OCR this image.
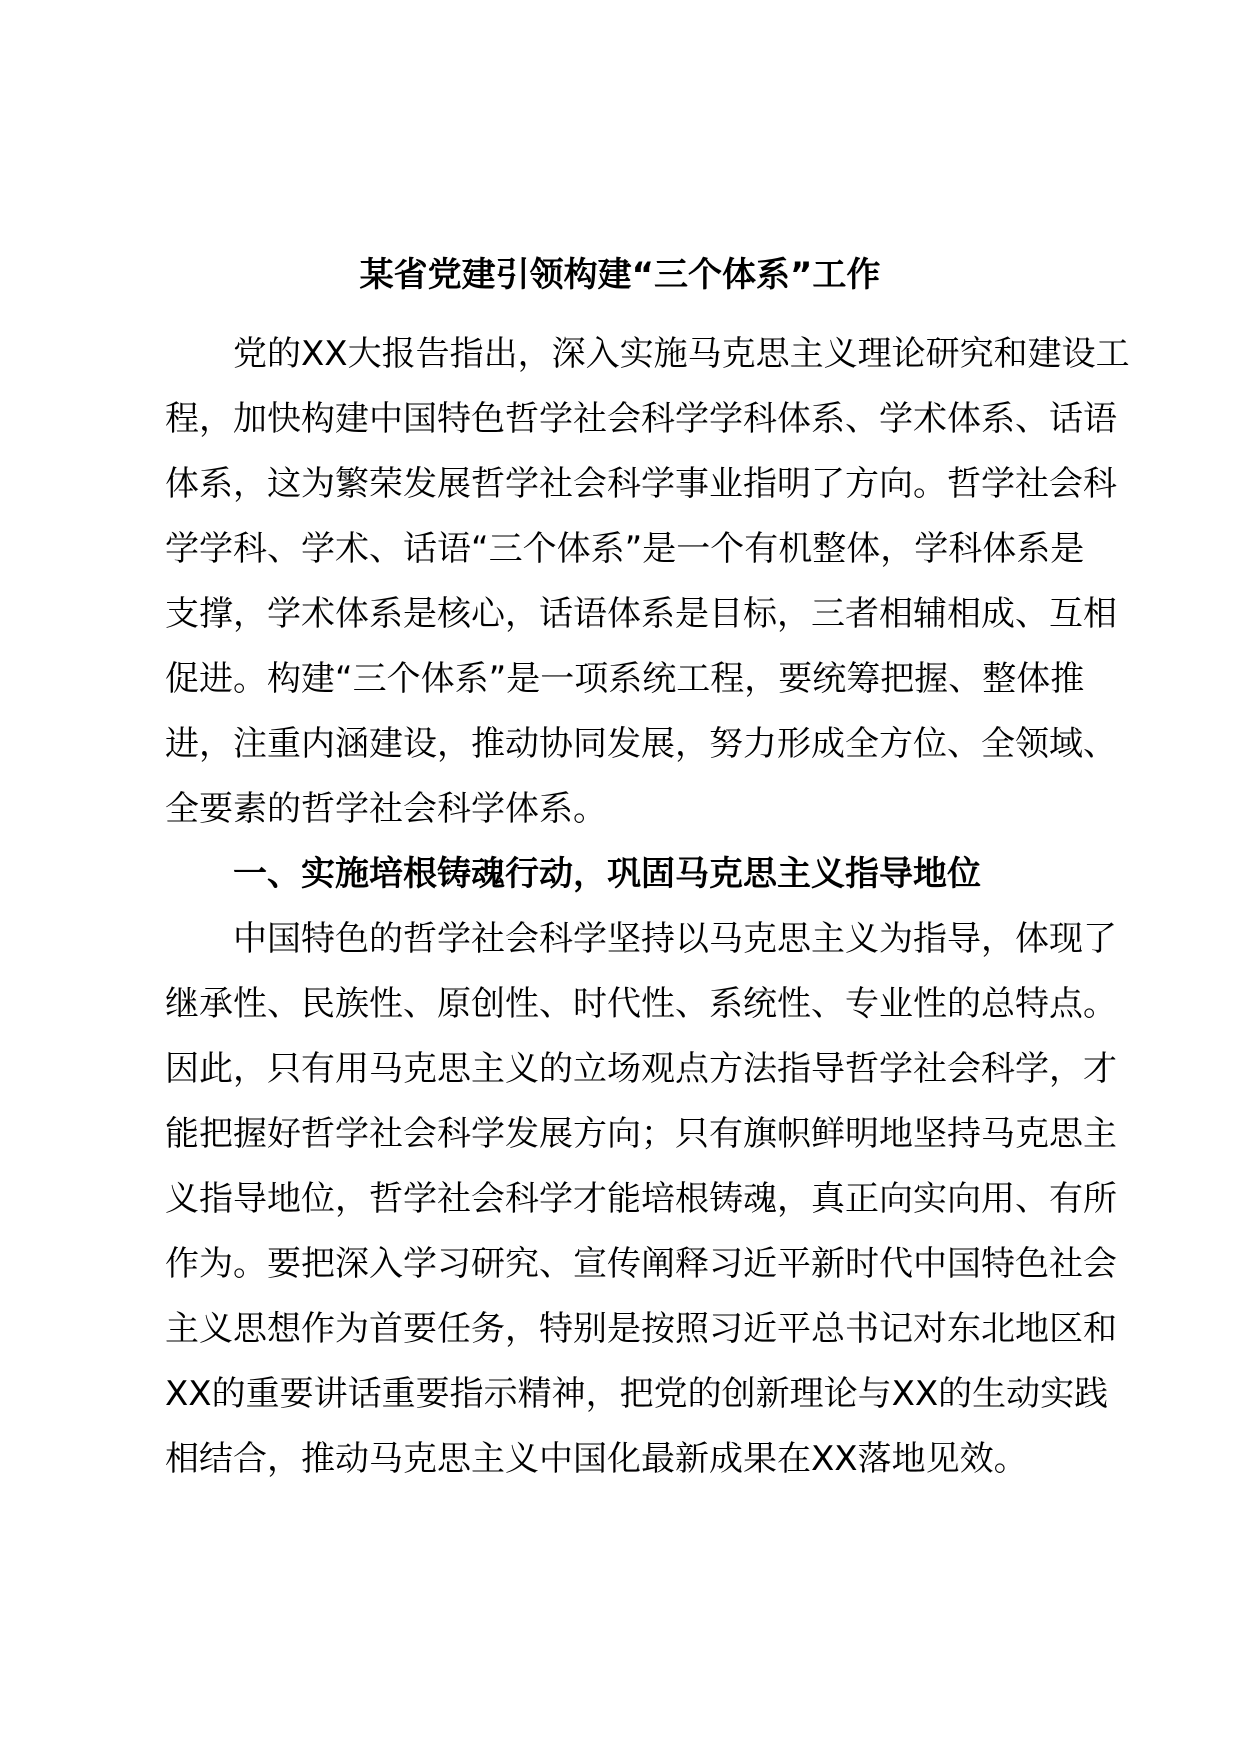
某省党建引领构建“三个体系”工作
党的XX大报告指出，深入实施马克思主义理论研究和建设工
程，加快构建中国特色哲学社会科学学科体系、学术体系、话语
体系，这为繁荣发展哲学社会科学事业指明了方向。哲学社会科
学学科、学术、话语“三个体系”是一个有机整体，学科体系是
支撑，学术体系是核心，话语体系是目标，三者相辅相成、互相
促进。构建“三个体系”是一项系统工程，要统筹把握、整体推
进，注重内涵建设，推动协同发展，努力形成全方位、全领域、
全要素的哲学社会科学体系。
一、实施培根铸魂行动，巩固马克思主义指导地位
中国特色的哲学社会科学坚持以马克思主义为指导，体现了
继承性、民族性、原创性、时代性、系统性、专业性的总特点。
因此，只有用马克思主义的立场观点方法指导哲学社会科学，才
能把握好哲学社会科学发展方向；只有旗帜鲜明地坚持马克思主
义指导地位，哲学社会科学才能培根铸魂，真正向实向用、有所
作为。要把深入学习研究、宣传阐释习近平新时代中国特色社会
主义思想作为首要任务，特别是按照习近平总书记对东北地区和
XX的重要讲话重要指示精神，把党的创新理论与XX的生动实践
相结合，推动马克思主义中国化最新成果在XX落地见效。
